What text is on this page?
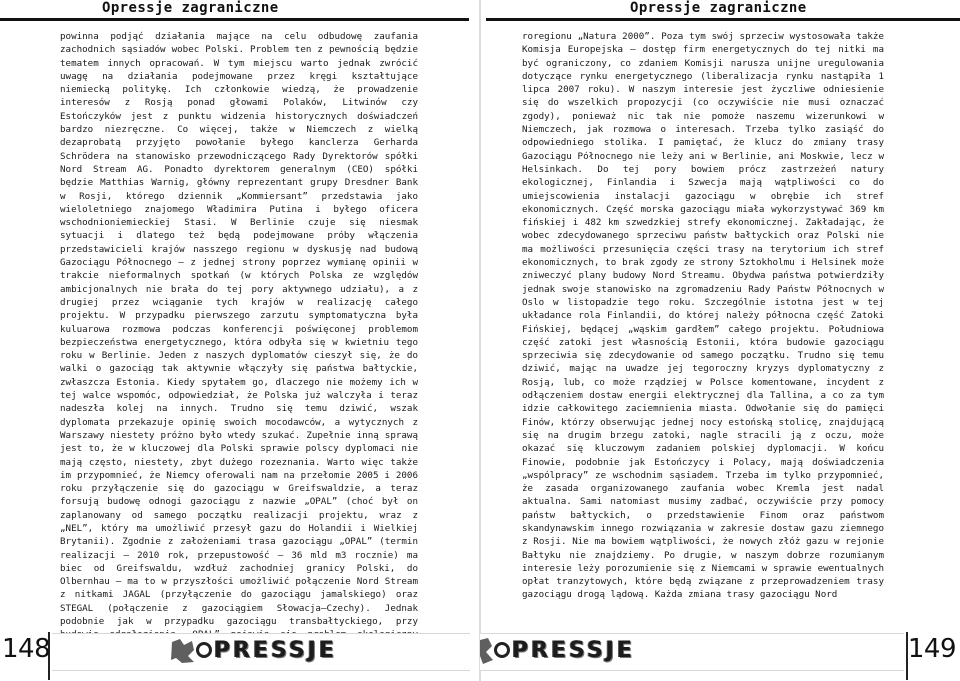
Opressje zagraniczne

powinna podjąć działania mające na celu odbudowę zaufania zachodnich sąsiadów wobec Polski. Problem ten z pewnością będzie tematem innych opracowań. W tym miejscu warto jednak zwrócić uwagę na działania podejmowane przez kręgi kształtujące niemiecką politykę. Ich członkowie wiedzą, że prowadzenie interesów z Rosją ponad głowami Polaków, Litwinów czy Estończyków jest z punktu widzenia historycznych doświadczeń bardzo niezręczne. Co więcej, także w Niemczech z wielką dezaprobatą przyjęto powołanie byłego kanclerza Gerharda Schrödera na stanowisko przewodniczącego Rady Dyrektorów spółki Nord Stream AG. Ponadto dyrektorem generalnym (CEO) spółki będzie Matthias Warnig, główny reprezentant grupy Dresdner Bank w Rosji, którego dziennik „Kommiersant” przedstawia jako wieloletniego znajomego Władimira Putina i byłego oficera wschodnioniemieckiej Stasi. W Berlinie czuje się niesmak sytuacji i dlatego też będą podejmowane próby włączenia przedstawicieli krajów nasszego regionu w dyskusję nad budową Gazociągu Północnego — z jednej strony poprzez wymianę opinii w trakcie nieformalnych spotkań (w których Polska ze względów ambicjonalnych nie brała do tej pory aktywnego udziału), a z drugiej przez wciąganie tych krajów w realizację całego projektu. W przypadku pierwszego zarzutu symptomatyczna była kuluarowa rozmowa podczas konferencji poświęconej problemom bezpieczeństwa energetycznego, która odbyła się w kwietniu tego roku w Berlinie. Jeden z naszych dyplomatów cieszył się, że do walki o gazociąg tak aktywnie włączyły się państwa bałtyckie, zwłaszcza Estonia. Kiedy spytałem go, dlaczego nie możemy ich w tej walce wspomóc, odpowiedział, że Polska już walczyła i teraz nadeszła kolej na innych. Trudno się temu dziwić, wszak dyplomata przekazuje opinię swoich mocodawców, a wytycznych z Warszawy niestety próżno było wtedy szukać. Zupełnie inną sprawą jest to, że w kluczowej dla Polski sprawie polscy dyplomaci nie mają często, niestety, zbyt dużego rozeznania. Warto więc także im przypomnieć, że Niemcy oferowali nam na przełomie 2005 i 2006 roku przyłączenie się do gazociągu w Greifswaldzie, a teraz forsują budowę odnogi gazociągu z nazwie „OPAL” (choć był on zaplanowany od samego początku realizacji projektu, wraz z „NEL”, który ma umożliwić przesył gazu do Holandii i Wielkiej Brytanii). Zgodnie z założeniami trasa gazociągu „OPAL” (termin realizacji — 2010 rok, przepustowość — 36 mld m3 rocznie) ma biec od Greifswaldu, wzdłuż zachodniej granicy Polski, do Olbernhau — ma to w przyszłości umożliwić połączenie Nord Stream z nitkami JAGAL (przyłączenie do gazociągu jamalskiego) oraz STEGAL (połączenie z gazociągiem Słowacja—Czechy). Jednak podobnie jak w przypadku gazociągu transbałtyckiego, przy

PRESSJE
148
Opressje zagraniczne

roregionu „Natura 2000”. Poza tym swój sprzeciw wystosowała także Komisja Europejska — dostęp firm energetycznych do tej nitki ma być ograniczony, co zdaniem Komisji narusza unijne uregulowania dotyczące rynku energetycznego (liberalizacja rynku nastąpiła 1 lipca 2007 roku). W naszym interesie jest życzliwe odniesienie się do wszelkich propozycji (co oczywiście nie musi oznaczać zgody), ponieważ nic tak nie pomoże naszemu wizerunkowi w Niemczech, jak rozmowa o interesach. Trzeba tylko zasiąść do odpowiedniego stolika. I pamiętać, że klucz do zmiany trasy Gazociągu Północnego nie leży ani w Berlinie, ani Moskwie, lecz w Helsinkach. Do tej pory bowiem prócz zastrzeżeń natury ekologicznej, Finlandia i Szwecja mają wątpliwości co do umiejscowienia instalacji gazociągu w obrębie ich stref ekonomicznych. Część morska gazociągu miała wykorzystywać 369 km fińskiej i 482 km szwedzkiej strefy ekonomicznej. Zakładając, że wobec zdecydowanego sprzeciwu państw bałtyckich oraz Polski nie ma możliwości przesunięcia części trasy na terytorium ich stref ekonomicznych, to brak zgody ze strony Sztokholmu i Helsinek może zniweczyć plany budowy Nord Streamu. Obydwa państwa potwierdziły jednak swoje stanowisko na zgromadzeniu Rady Państw Północnych w Oslo w listopadzie tego roku. Szczególnie istotna jest w tej układance rola Finlandii, do której należy północna część Zatoki Fińskiej, będącej „wąskim gardłem” całego projektu. Południowa część zatoki jest własnością Estonii, która budowie gazociągu sprzeciwia się zdecydowanie od samego początku. Trudno się temu dziwić, mając na uwadze jej tegoroczny kryzys dyplomatyczny z Rosją, lub, co może rządziej w Polsce komentowane, incydent z odłączeniem dostaw energii elektrycznej dla Tallina, a co za tym idzie całkowitego zaciemnienia miasta. Odwołanie się do pamięci Finów, którzy obserwując jednej nocy estońską stolicę, znajdującą się na drugim brzegu zatoki, nagle stracili ją z oczu, może okazać się kluczowym zadaniem polskiej dyplomacji. W końcu Finowie, podobnie jak Estończycy i Polacy, mają doświadczenia „wspólpracy” ze wschodnim sąsiadem. Trzeba im tylko przypomnieć, że zasada organizowanego zaufania wobec Kremla jest nadal aktualna. Sami natomiast musimy zadbać, oczywiście przy pomocy państw bałtyckich, o przedstawienie Finom oraz państwom skandynawskim innego rozwiązania w zakresie dostaw gazu ziemnego z Rosji. Nie ma bowiem wątpliwości, że nowych złóż gazu w rejonie Bałtyku nie znajdziemy. Po drugie, w naszym dobrze rozumianym interesie leży porozumienie się z Niemcami w sprawie ewentualnych opłat tranzytowych, które będą związane z przeprowadzeniem trasy gazociągu drogą lądową. Każda zmiana trasy gazociągu Nord

PRESSJE	149
